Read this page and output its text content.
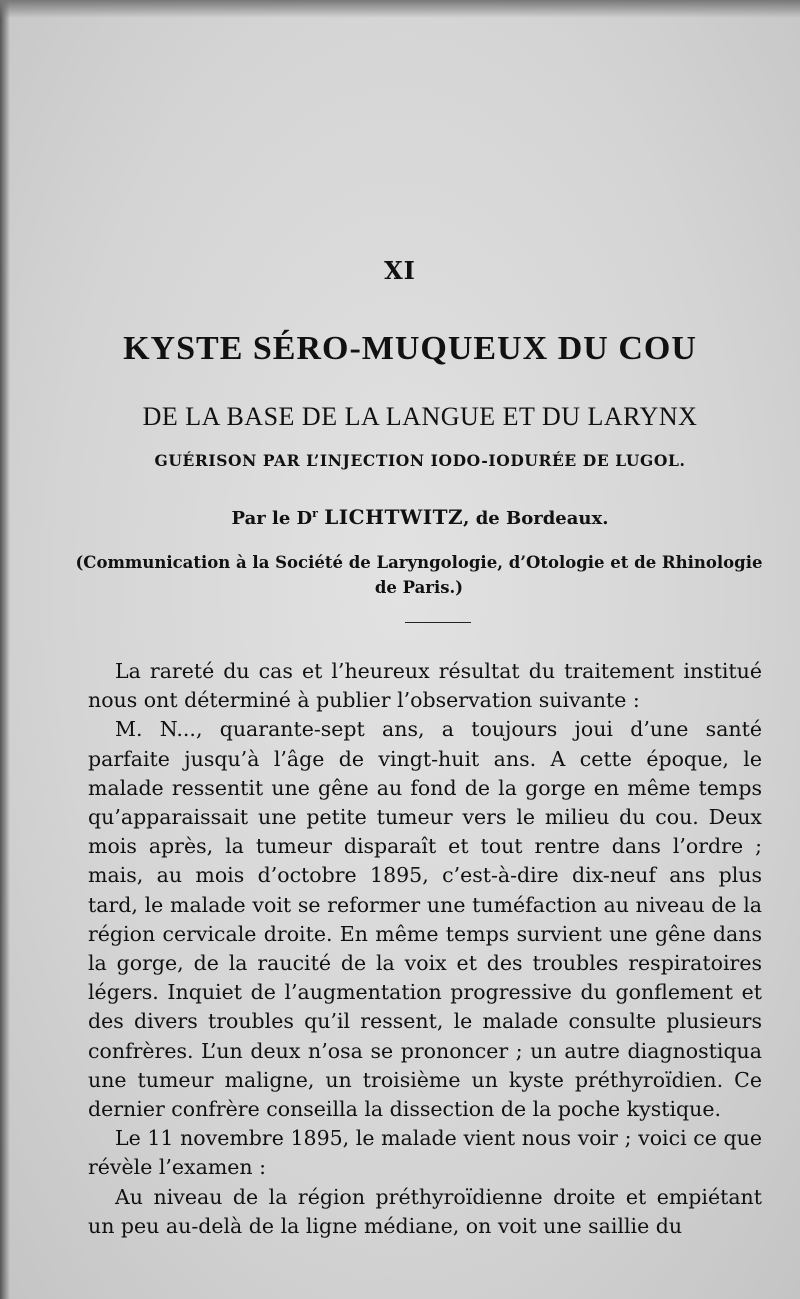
XI
KYSTE SÉRO-MUQUEUX DU COU
DE LA BASE DE LA LANGUE ET DU LARYNX
GUÉRISON PAR L’INJECTION IODO-IODURÉE DE LUGOL.
Par le $D^r$ LICHTWITZ, de Bordeaux.
(Communication à la Société de Laryngologie, d’Otologie et de Rhinologie de Paris.)

La rareté du cas et l’heureux résultat du traitement institué nous ont déterminé à publier l’observation suivante :

M. N..., quarante-sept ans, a toujours joui d’une santé parfaite jusqu’à l’âge de vingt-huit ans. A cette époque, le malade ressentit une gêne au fond de la gorge en même temps qu’apparaissait une petite tumeur vers le milieu du cou. Deux mois après, la tumeur disparaît et tout rentre dans l’ordre ; mais, au mois d’octobre 1895, c’est-à-dire dix-neuf ans plus tard, le malade voit se reformer une tuméfaction au niveau de la région cervicale droite. En même temps survient une gêne dans la gorge, de la raucité de la voix et des troubles respiratoires légers. Inquiet de l’augmentation progressive du gonflement et des divers troubles qu’il ressent, le malade consulte plusieurs confrères. L’un deux n’osa se prononcer ; un autre diagnostiqua une tumeur maligne, un troisième un kyste préthyroïdien. Ce dernier confrère conseilla la dissection de la poche kystique.

Le 11 novembre 1895, le malade vient nous voir ; voici ce que révèle l’examen :

Au niveau de la région préthyroïdienne droite et empiétant un peu au-delà de la ligne médiane, on voit une saillie du
